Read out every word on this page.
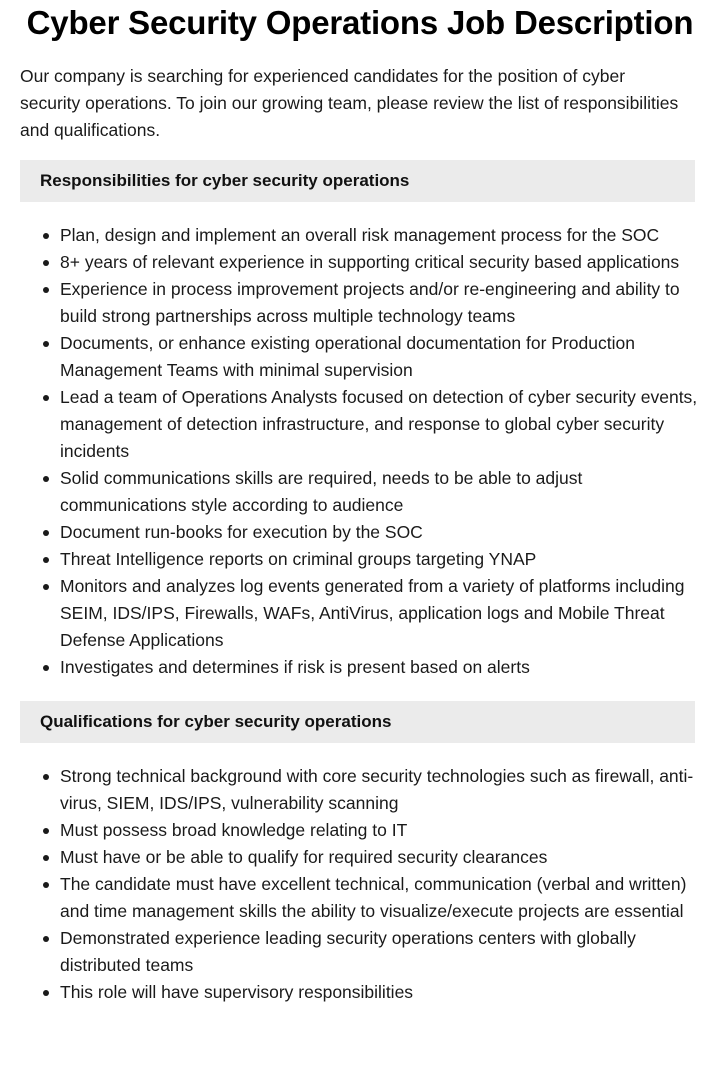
Cyber Security Operations Job Description

Our company is searching for experienced candidates for the position of cyber security operations. To join our growing team, please review the list of responsibilities and qualifications.

Responsibilities for cyber security operations
Plan, design and implement an overall risk management process for the SOC
8+ years of relevant experience in supporting critical security based applications
Experience in process improvement projects and/or re-engineering and ability to build strong partnerships across multiple technology teams
Documents, or enhance existing operational documentation for Production Management Teams with minimal supervision
Lead a team of Operations Analysts focused on detection of cyber security events, management of detection infrastructure, and response to global cyber security incidents
Solid communications skills are required, needs to be able to adjust communications style according to audience
Document run-books for execution by the SOC
Threat Intelligence reports on criminal groups targeting YNAP
Monitors and analyzes log events generated from a variety of platforms including SEIM, IDS/IPS, Firewalls, WAFs, AntiVirus, application logs and Mobile Threat Defense Applications
Investigates and determines if risk is present based on alerts
Qualifications for cyber security operations
Strong technical background with core security technologies such as firewall, anti-virus, SIEM, IDS/IPS, vulnerability scanning
Must possess broad knowledge relating to IT
Must have or be able to qualify for required security clearances
The candidate must have excellent technical, communication (verbal and written) and time management skills the ability to visualize/execute projects are essential
Demonstrated experience leading security operations centers with globally distributed teams
This role will have supervisory responsibilities
